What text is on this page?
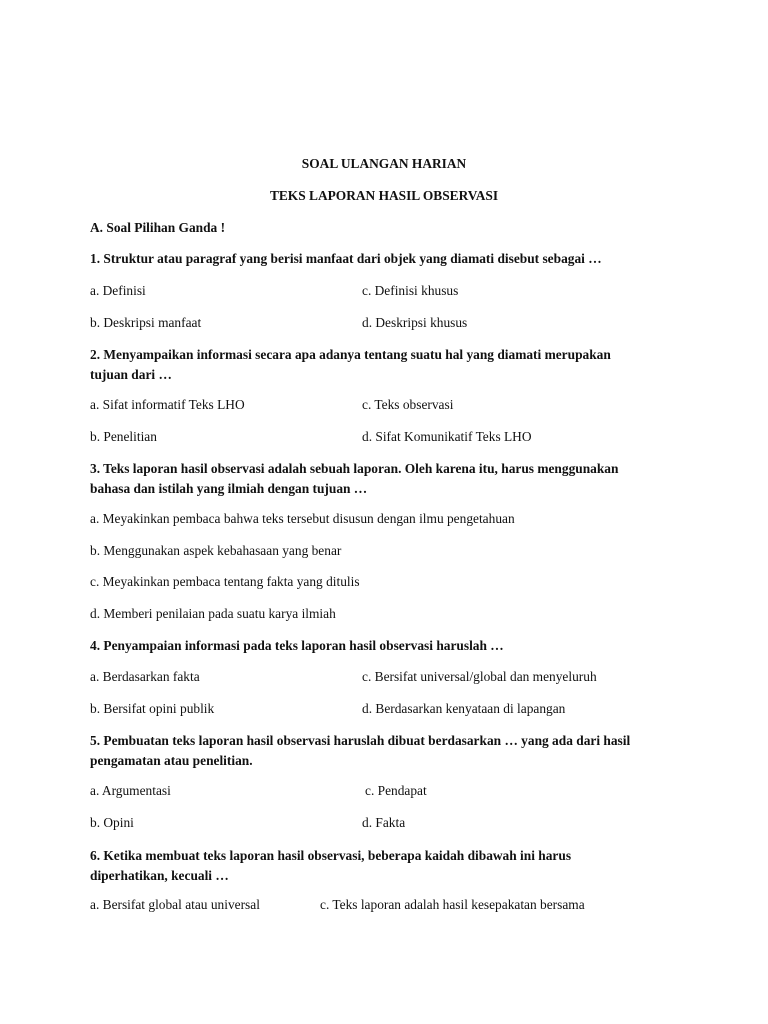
SOAL ULANGAN HARIAN
TEKS LAPORAN HASIL OBSERVASI
A. Soal Pilihan Ganda !
1. Struktur atau paragraf yang berisi manfaat dari objek yang diamati disebut sebagai …
a. Definisi	c. Definisi khusus
b. Deskripsi manfaat	d. Deskripsi khusus
2. Menyampaikan informasi secara apa adanya tentang suatu hal yang diamati merupakan tujuan dari …
a. Sifat informatif Teks LHO	c. Teks observasi
b. Penelitian	d. Sifat Komunikatif Teks LHO
3. Teks laporan hasil observasi adalah sebuah laporan. Oleh karena itu, harus menggunakan bahasa dan istilah yang ilmiah dengan tujuan …
a. Meyakinkan pembaca bahwa teks tersebut disusun dengan ilmu pengetahuan
b. Menggunakan aspek kebahasaan yang benar
c. Meyakinkan pembaca tentang fakta yang ditulis
d. Memberi penilaian pada suatu karya ilmiah
4. Penyampaian informasi pada teks laporan hasil observasi haruslah …
a. Berdasarkan fakta	c. Bersifat universal/global dan menyeluruh
b. Bersifat opini publik	d. Berdasarkan kenyataan di lapangan
5. Pembuatan teks laporan hasil observasi haruslah dibuat berdasarkan … yang ada dari hasil pengamatan atau penelitian.
a. Argumentasi	c. Pendapat
b. Opini	d. Fakta
6. Ketika membuat teks laporan hasil observasi, beberapa kaidah dibawah ini harus diperhatikan, kecuali …
a. Bersifat global atau universal	c. Teks laporan adalah hasil kesepakatan bersama
